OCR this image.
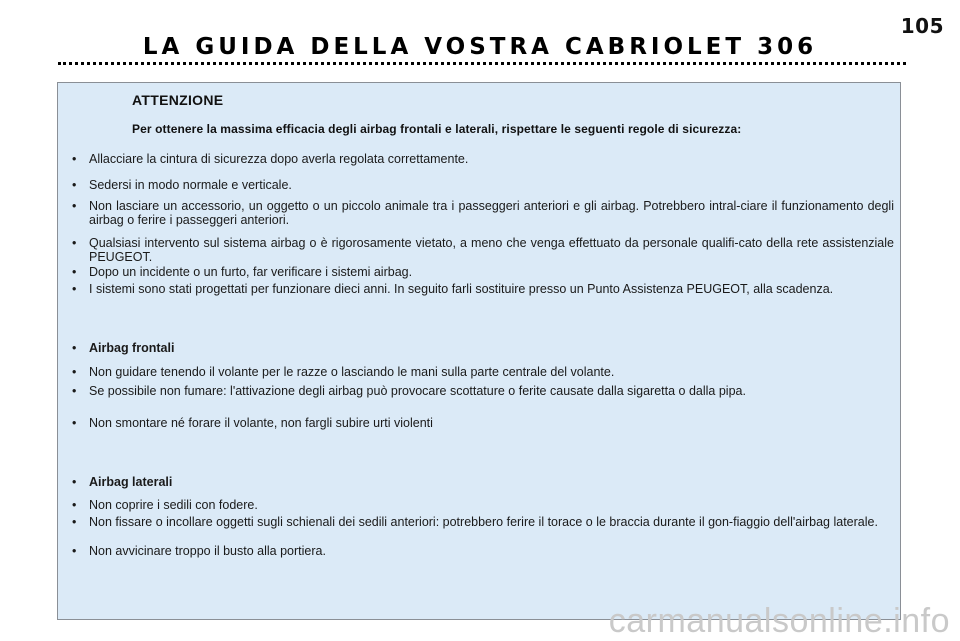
105
LA GUIDA DELLA VOSTRA CABRIOLET 306
ATTENZIONE
Per ottenere la massima efficacia degli airbag frontali e laterali, rispettare le seguenti regole di sicurezza:
•	Allacciare la cintura di sicurezza dopo averla regolata correttamente.
•	Sedersi in modo normale e verticale.
•	Non lasciare un accessorio, un oggetto o un piccolo animale tra i passeggeri anteriori e gli airbag. Potrebbero intral-ciare il funzionamento degli airbag o ferire i passeggeri anteriori.
•	Qualsiasi intervento sul sistema airbag o è rigorosamente vietato, a meno che venga effettuato da personale qualifi-cato della rete assistenziale PEUGEOT.
•	Dopo un incidente o un furto, far verificare i sistemi airbag.
•	I sistemi sono stati progettati per funzionare dieci anni. In seguito farli sostituire presso un Punto Assistenza PEUGEOT, alla scadenza.
•	Airbag frontali
•	Non guidare tenendo il volante per le razze o lasciando le mani sulla parte centrale del volante.
•	Se possibile non fumare: l'attivazione degli airbag può provocare scottature o ferite causate dalla sigaretta o dalla pipa.
•	Non smontare né forare il volante, non fargli subire urti violenti
•	Airbag laterali
•	Non coprire i sedili con fodere.
•	Non fissare o incollare oggetti sugli schienali dei sedili anteriori: potrebbero ferire il torace o le braccia durante il gon-fiaggio dell'airbag laterale.
•	Non avvicinare troppo il busto alla portiera.
carmanualsonline.info
